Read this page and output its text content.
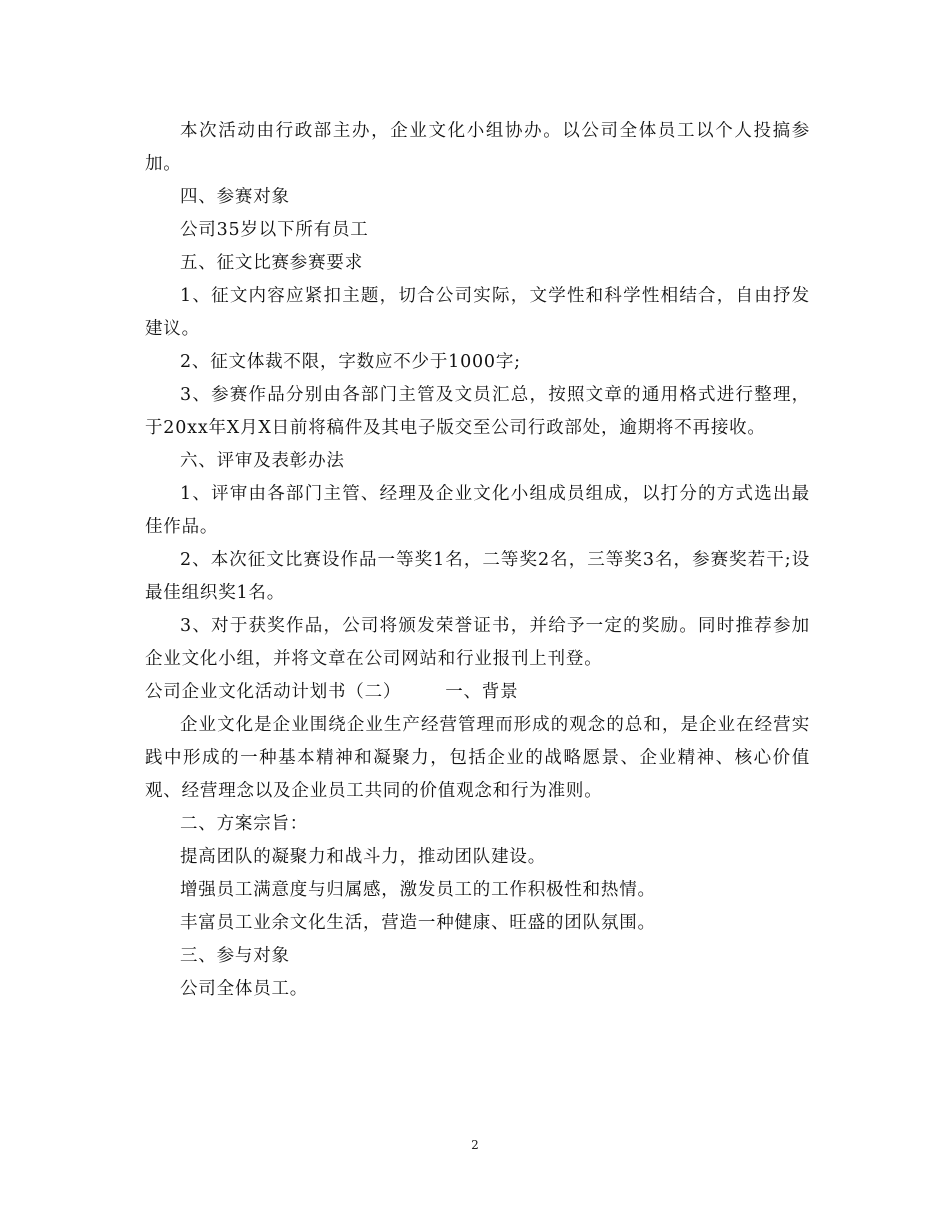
本次活动由行政部主办，企业文化小组协办。以公司全体员工以个人投搞参加。

四、参赛对象

公司35岁以下所有员工

五、征文比赛参赛要求

1、征文内容应紧扣主题，切合公司实际，文学性和科学性相结合，自由抒发建议。

2、征文体裁不限，字数应不少于1000字;

3、参赛作品分别由各部门主管及文员汇总，按照文章的通用格式进行整理，于20xx年X月X日前将稿件及其电子版交至公司行政部处，逾期将不再接收。

六、评审及表彰办法

1、评审由各部门主管、经理及企业文化小组成员组成，以打分的方式选出最佳作品。

2、本次征文比赛设作品一等奖1名，二等奖2名，三等奖3名，参赛奖若干;设最佳组织奖1名。

3、对于获奖作品，公司将颁发荣誉证书，并给予一定的奖励。同时推荐参加企业文化小组，并将文章在公司网站和行业报刊上刊登。

公司企业文化活动计划书（二）	一、背景

企业文化是企业围绕企业生产经营管理而形成的观念的总和，是企业在经营实践中形成的一种基本精神和凝聚力，包括企业的战略愿景、企业精神、核心价值观、经营理念以及企业员工共同的价值观念和行为准则。

二、方案宗旨：

提高团队的凝聚力和战斗力，推动团队建设。

增强员工满意度与归属感，激发员工的工作积极性和热情。

丰富员工业余文化生活，营造一种健康、旺盛的团队氛围。

三、参与对象

公司全体员工。

2
